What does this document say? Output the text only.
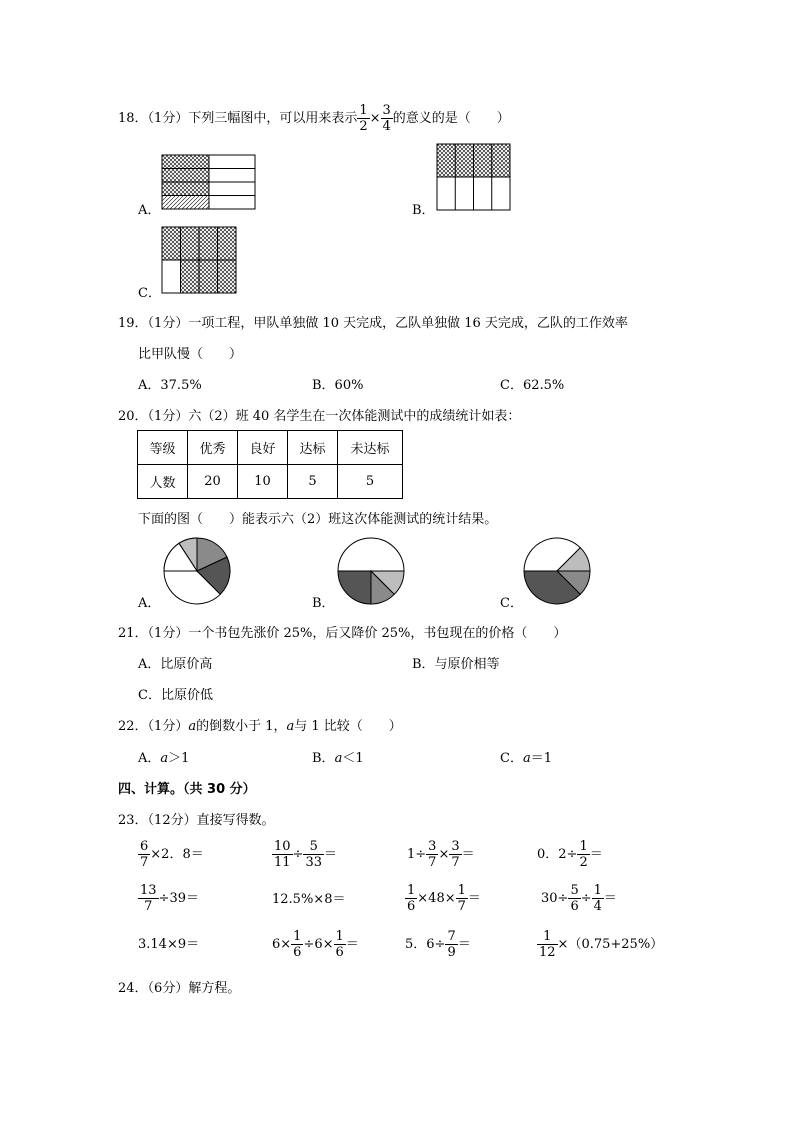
18．（1分）下列三幅图中，可以用来表示 $\frac{1}{2} \times \frac{3}{4}$ 的意义的是（　　）
A．	B．
C．
19．（1分）一项工程，甲队单独做 10 天完成，乙队单独做 16 天完成，乙队的工作效率
比甲队慢（　　）
A．37.5%	B．60%	C．62.5%
20．（1分）六（2）班 40 名学生在一次体能测试中的成绩统计如表：
等级	优秀	良好	达标	未达标
人数	20	10	5	5
下面的图（　　）能表示六（2）班这次体能测试的统计结果。
A．	B．	C．
21．（1分）一个书包先涨价 25%，后又降价 25%，书包现在的价格（　　）
A．比原价高	B．与原价相等
C．比原价低
22．（1分）a的倒数小于 1，a与 1 比较（　　）
A．a＞1	B．a＜1	C．a＝1
四、计算。（共 30 分）
23．（12分）直接写得数。
$\frac{6}{7} \times 2$．8＝	$\frac{10}{11} \div \frac{5}{33}$ ＝	$1\div \frac{3}{7} \times \frac{3}{7}$ ＝	0．$2\div \frac{1}{2}$ ＝
$\frac{13}{7} \div 39=$	12.5%×8＝	$\frac{1}{6} \times 48\times \frac{1}{7}$ ＝	$30\div \frac{5}{6} \div \frac{1}{4}$ ＝
3.14×9＝	$6\times \frac{1}{6} \div 6\times \frac{1}{6}$ ＝	5．$6\div \frac{7}{9}$ ＝	$\frac{1}{12} \times(0.75+25\%)$
24．（6分）解方程。
